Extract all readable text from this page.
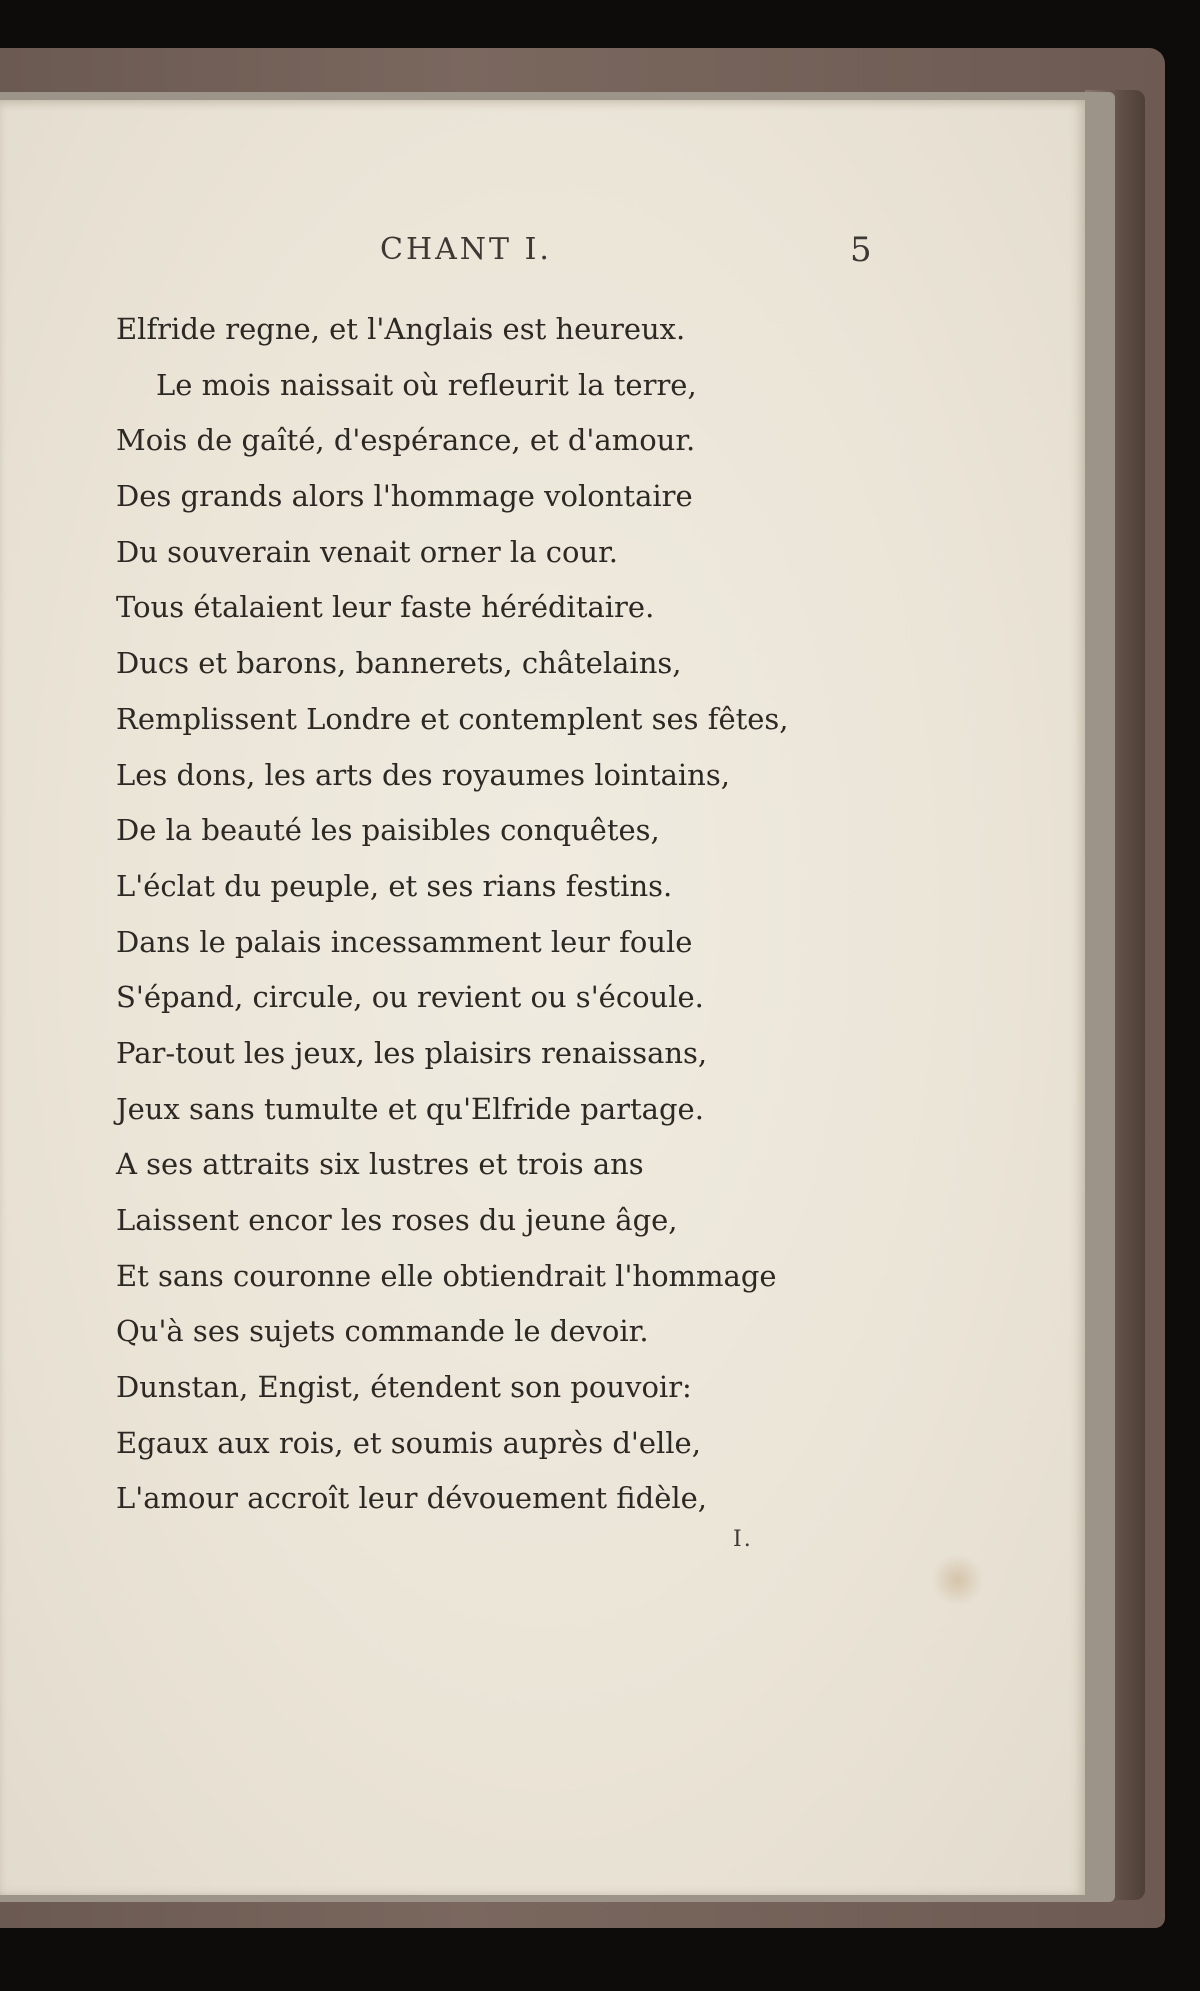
CHANT I.	5
Elfride regne, et l'Anglais est heureux.
Le mois naissait où refleurit la terre,
Mois de gaîté, d'espérance, et d'amour.
Des grands alors l'hommage volontaire
Du souverain venait orner la cour.
Tous étalaient leur faste héréditaire.
Ducs et barons, bannerets, châtelains,
Remplissent Londre et contemplent ses fêtes,
Les dons, les arts des royaumes lointains,
De la beauté les paisibles conquêtes,
L'éclat du peuple, et ses rians festins.
Dans le palais incessamment leur foule
S'épand, circule, ou revient ou s'écoule.
Par-tout les jeux, les plaisirs renaissans,
Jeux sans tumulte et qu'Elfride partage.
A ses attraits six lustres et trois ans
Laissent encor les roses du jeune âge,
Et sans couronne elle obtiendrait l'hommage
Qu'à ses sujets commande le devoir.
Dunstan, Engist, étendent son pouvoir:
Egaux aux rois, et soumis auprès d'elle,
L'amour accroît leur dévouement fidèle,
I.
